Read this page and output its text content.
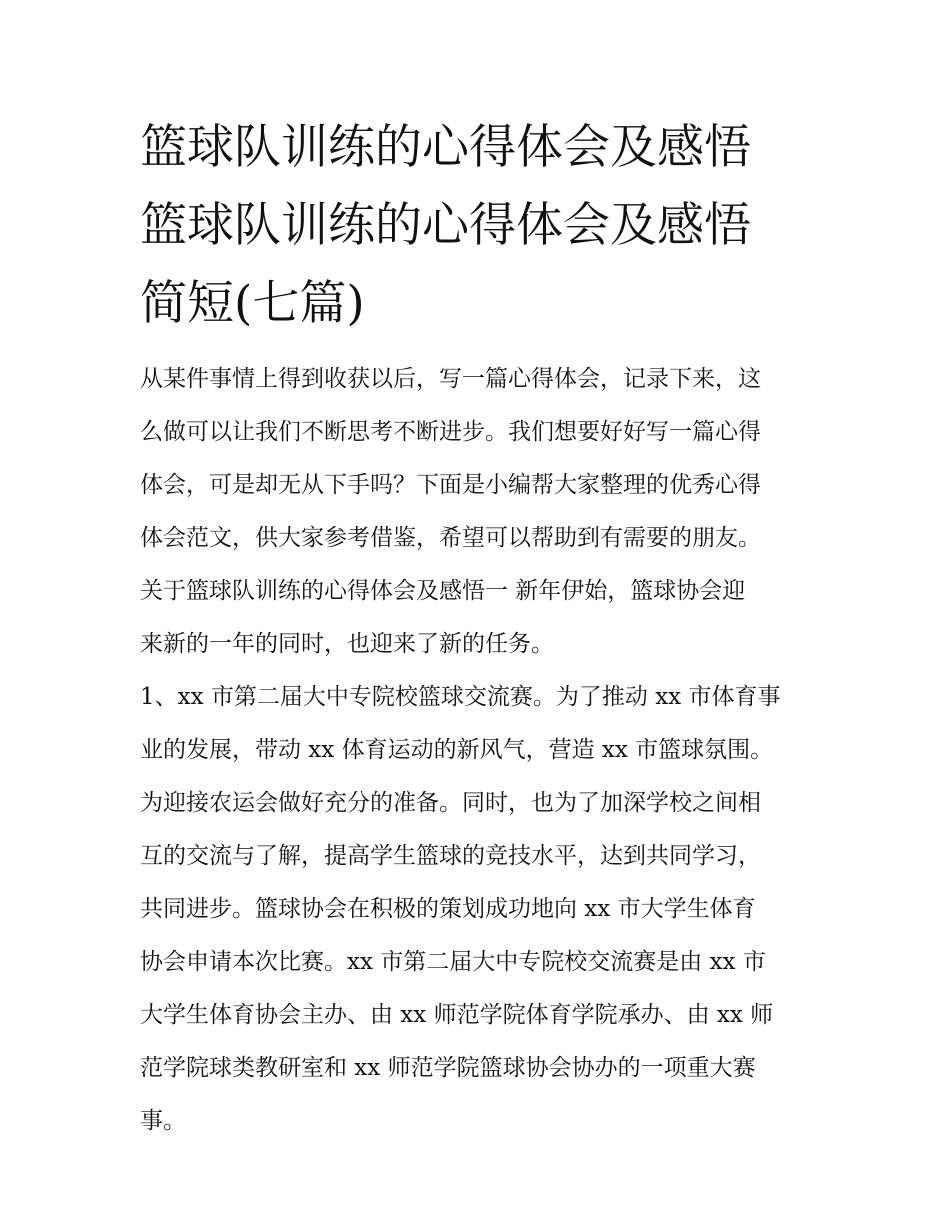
篮球队训练的心得体会及感悟
篮球队训练的心得体会及感悟
简短(七篇)

从某件事情上得到收获以后，写一篇心得体会，记录下来，这

么做可以让我们不断思考不断进步。我们想要好好写一篇心得

体会，可是却无从下手吗？下面是小编帮大家整理的优秀心得

体会范文，供大家参考借鉴，希望可以帮助到有需要的朋友。

关于篮球队训练的心得体会及感悟一 新年伊始，篮球协会迎

来新的一年的同时，也迎来了新的任务。

1、xx 市第二届大中专院校篮球交流赛。为了推动 xx 市体育事

业的发展，带动 xx 体育运动的新风气，营造 xx 市篮球氛围。

为迎接农运会做好充分的准备。同时，也为了加深学校之间相

互的交流与了解，提高学生篮球的竞技水平，达到共同学习，

共同进步。篮球协会在积极的策划成功地向 xx 市大学生体育

协会申请本次比赛。xx 市第二届大中专院校交流赛是由 xx 市

大学生体育协会主办、由 xx 师范学院体育学院承办、由 xx 师

范学院球类教研室和 xx 师范学院篮球协会协办的一项重大赛

事。
